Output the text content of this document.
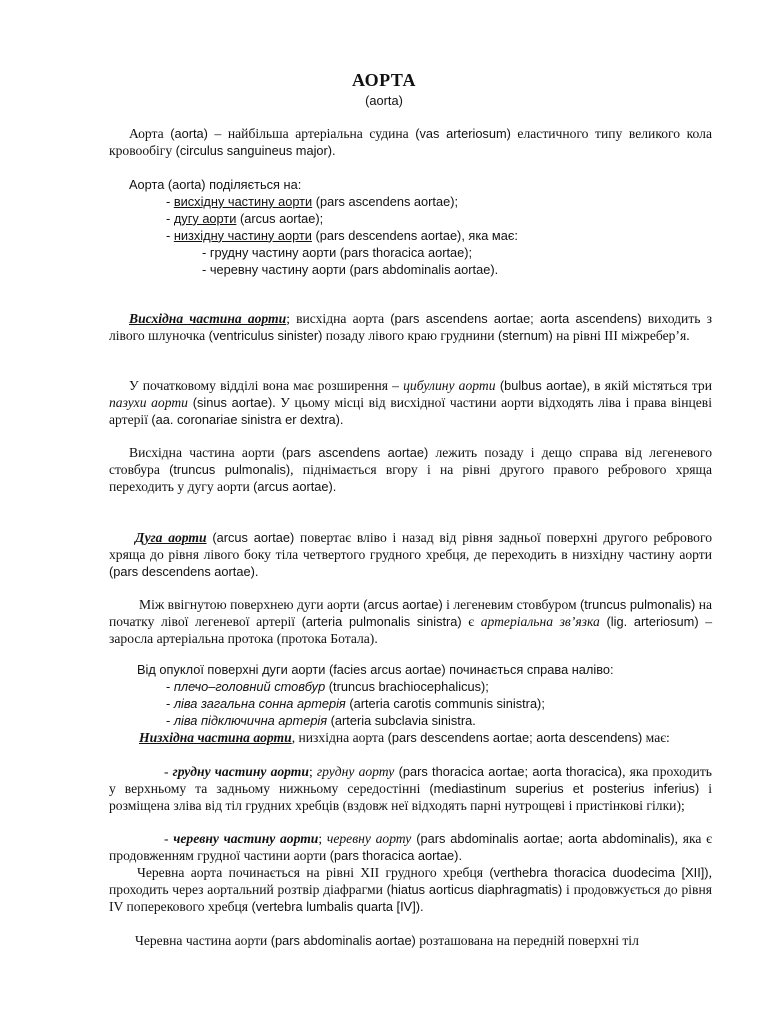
АОРТА
(aorta)
Аорта (aorta) – найбільша артеріальна судина (vas arteriosum) еластичного типу великого кола кровообігу (circulus sanguineus major).
Аорта (aorta) поділяється на:
- висхідну частину аорти (pars ascendens aortae);
- дугу аорти (arcus aortae);
- низхідну частину аорти (pars descendens aortae), яка має:
- грудну частину аорти (pars thoracica aortae);
- черевну частину аорти (pars abdominalis aortae).
Висхідна частина аорти; висхідна аорта (pars ascendens aortae; aorta ascendens) виходить з лівого шлуночка (ventriculus sinister) позаду лівого краю груднини (sternum) на рівні ІІІ міжребер’я.
У початковому відділі вона має розширення – цибулину аорти (bulbus aortae), в якій містяться три пазухи аорти (sinus aortae). У цьому місці від висхідної частини аорти відходять ліва і права вінцеві артерії (aa. coronariae sinistra er dextra).
Висхідна частина аорти (pars ascendens aortae) лежить позаду і дещо справа від легеневого стовбура (truncus pulmonalis), піднімається вгору і на рівні другого правого ребрового хряща переходить у дугу аорти (arcus aortae).
Дуга аорти (arcus aortae) повертає вліво і назад від рівня задньої поверхні другого ребрового хряща до рівня лівого боку тіла четвертого грудного хребця, де переходить в низхідну частину аорти (pars descendens aortae).
Між ввігнутою поверхнею дуги аорти (arcus aortae) і легеневим стовбуром (truncus pulmonalis) на початку лівої легеневої артерії (arteria pulmonalis sinistra) є артеріальна зв’язка (lig. arteriosum) – заросла артеріальна протока (протока Ботала).
Від опуклої поверхні дуги аорти (facies arcus aortae) починається справа наліво:
- плечо–головний стовбур (truncus brachiocephalicus);
- ліва загальна сонна артерія (arteria carotis communis sinistra);
- ліва підключична артерія (arteria subclavia sinistra.
Низхідна частина аорти, низхідна аорта (pars descendens aortae; aorta descendens) має:
- грудну частину аорти; грудну аорту (pars thoracica aortae; aorta thoracica), яка проходить у верхньому та задньому нижньому середостінні (mediastinum superius et posterius inferius) і розміщена зліва від тіл грудних хребців (вздовж неї відходять парні нутрощеві і пристінкові гілки);
- черевну частину аорти; черевну аорту (pars abdominalis aortae; aorta abdominalis), яка є продовженням грудної частини аорти (pars thoracica aortae).
Черевна аорта починається на рівні XII грудного хребця (verthebra thoracica duodecima [XII]), проходить через аортальний розтвір діафрагми (hiatus aorticus diaphragmatis) і продовжується до рівня IV поперекового хребця (vertebra lumbalis quarta [IV]).
Черевна частина аорти (pars abdominalis aortae) розташована на передній поверхні тіл
